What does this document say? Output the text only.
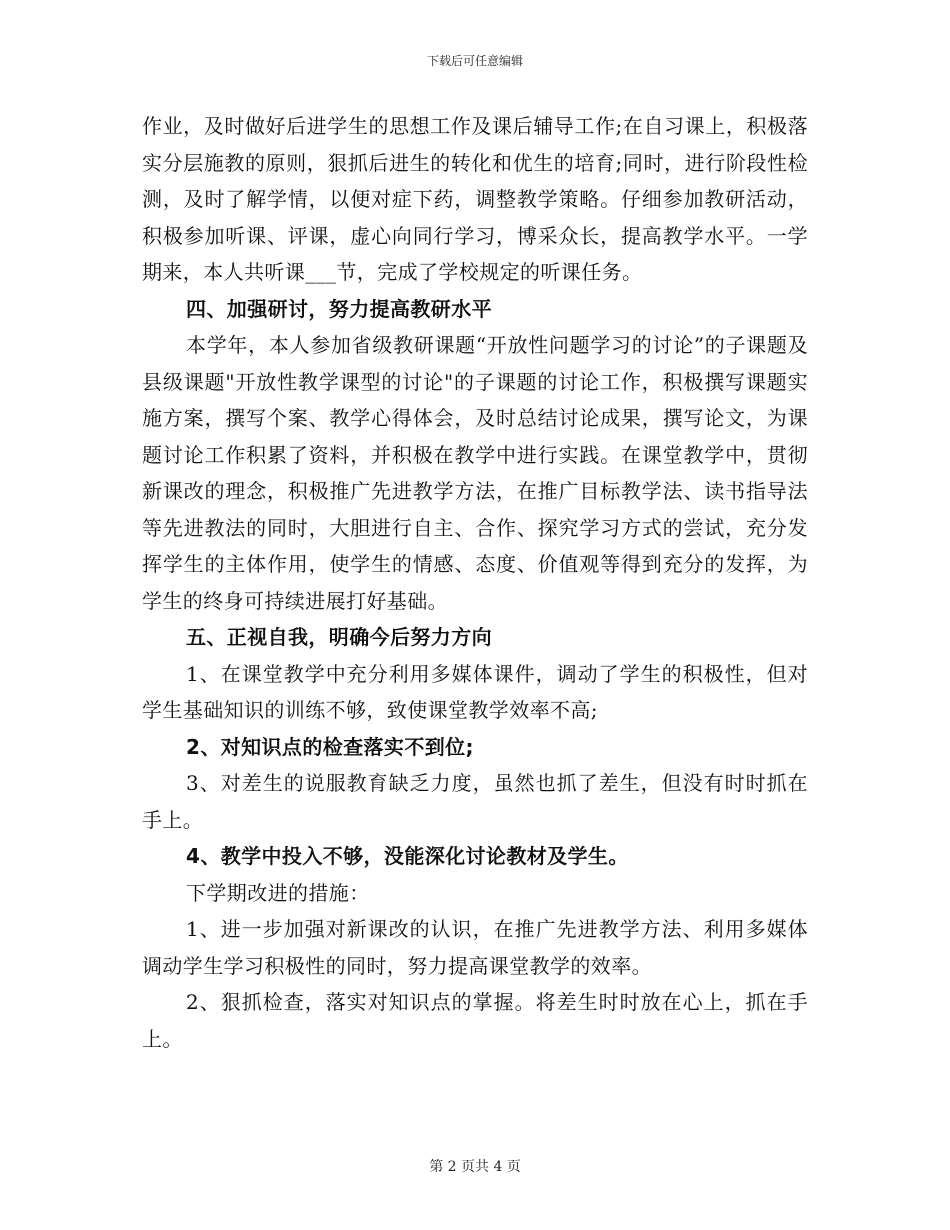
下载后可任意编辑

作业，及时做好后进学生的思想工作及课后辅导工作;在自习课上，积极落实分层施教的原则，狠抓后进生的转化和优生的培育;同时，进行阶段性检测，及时了解学情，以便对症下药，调整教学策略。仔细参加教研活动，积极参加听课、评课，虚心向同行学习，博采众长，提高教学水平。一学期来，本人共听课___节，完成了学校规定的听课任务。

四、加强研讨，努力提高教研水平

本学年，本人参加省级教研课题“开放性问题学习的讨论”的子课题及县级课题"开放性教学课型的讨论"的子课题的讨论工作，积极撰写课题实施方案，撰写个案、教学心得体会，及时总结讨论成果，撰写论文，为课题讨论工作积累了资料，并积极在教学中进行实践。在课堂教学中，贯彻新课改的理念，积极推广先进教学方法，在推广目标教学法、读书指导法等先进教法的同时，大胆进行自主、合作、探究学习方式的尝试，充分发挥学生的主体作用，使学生的情感、态度、价值观等得到充分的发挥，为学生的终身可持续进展打好基础。

五、正视自我，明确今后努力方向

1、在课堂教学中充分利用多媒体课件，调动了学生的积极性，但对学生基础知识的训练不够，致使课堂教学效率不高;

2、对知识点的检查落实不到位;

3、对差生的说服教育缺乏力度，虽然也抓了差生，但没有时时抓在手上。

4、教学中投入不够，没能深化讨论教材及学生。

下学期改进的措施：

1、进一步加强对新课改的认识，在推广先进教学方法、利用多媒体调动学生学习积极性的同时，努力提高课堂教学的效率。

2、狠抓检查，落实对知识点的掌握。将差生时时放在心上，抓在手上。

第 2 页共 4 页
